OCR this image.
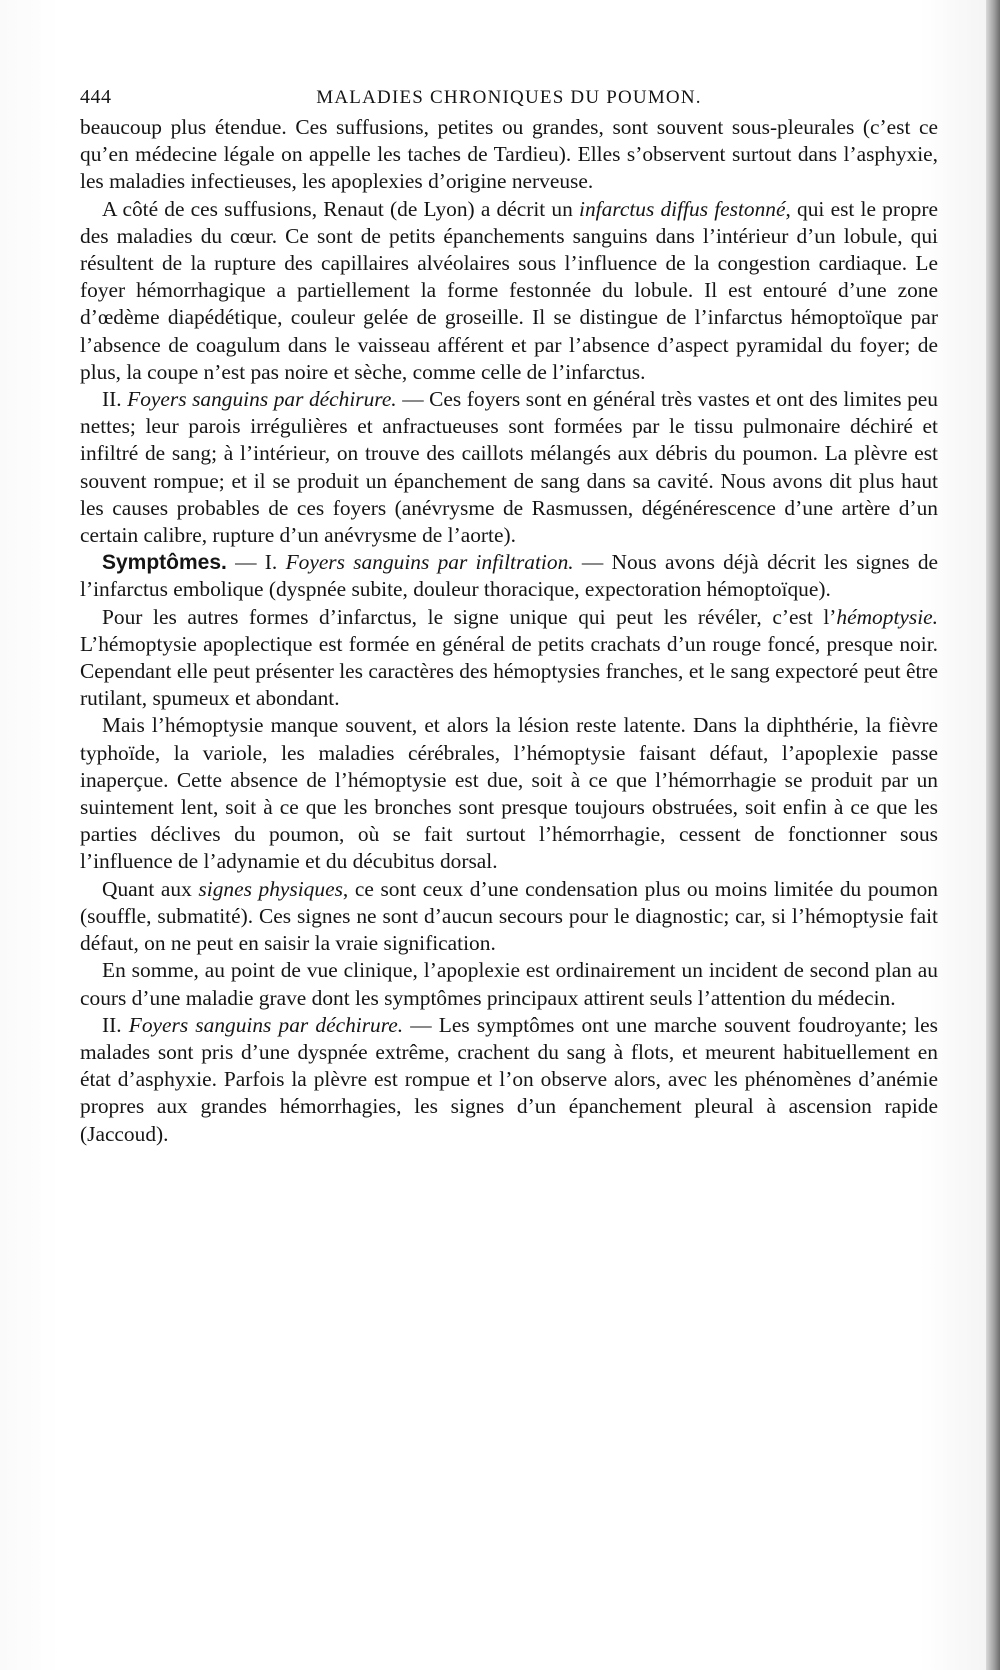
444	MALADIES CHRONIQUES DU POUMON.

beaucoup plus étendue. Ces suffusions, petites ou grandes, sont souvent sous-pleurales (c’est ce qu’en médecine légale on appelle les taches de Tardieu). Elles s’observent surtout dans l’asphyxie, les maladies infectieuses, les apoplexies d’origine nerveuse.

A côté de ces suffusions, Renaut (de Lyon) a décrit un infarctus diffus festonné, qui est le propre des maladies du cœur. Ce sont de petits épanchements sanguins dans l’intérieur d’un lobule, qui résultent de la rupture des capillaires alvéolaires sous l’influence de la congestion cardiaque. Le foyer hémorrhagique a partiellement la forme festonnée du lobule. Il est entouré d’une zone d’œdème diapédétique, couleur gelée de groseille. Il se distingue de l’infarctus hémoptoïque par l’absence de coagulum dans le vaisseau afférent et par l’absence d’aspect pyramidal du foyer; de plus, la coupe n’est pas noire et sèche, comme celle de l’infarctus.

II. Foyers sanguins par déchirure. — Ces foyers sont en général très vastes et ont des limites peu nettes; leur parois irrégulières et anfractueuses sont formées par le tissu pulmonaire déchiré et infiltré de sang; à l’intérieur, on trouve des caillots mélangés aux débris du poumon. La plèvre est souvent rompue; et il se produit un épanchement de sang dans sa cavité. Nous avons dit plus haut les causes probables de ces foyers (anévrysme de Rasmussen, dégénérescence d’une artère d’un certain calibre, rupture d’un anévrysme de l’aorte).

Symptômes. — I. Foyers sanguins par infiltration. — Nous avons déjà décrit les signes de l’infarctus embolique (dyspnée subite, douleur thoracique, expectoration hémoptoïque).

Pour les autres formes d’infarctus, le signe unique qui peut les révéler, c’est l’hémoptysie. L’hémoptysie apoplectique est formée en général de petits crachats d’un rouge foncé, presque noir. Cependant elle peut présenter les caractères des hémoptysies franches, et le sang expectoré peut être rutilant, spumeux et abondant.

Mais l’hémoptysie manque souvent, et alors la lésion reste latente. Dans la diphthérie, la fièvre typhoïde, la variole, les maladies cérébrales, l’hémoptysie faisant défaut, l’apoplexie passe inaperçue. Cette absence de l’hémoptysie est due, soit à ce que l’hémorrhagie se produit par un suintement lent, soit à ce que les bronches sont presque toujours obstruées, soit enfin à ce que les parties déclives du poumon, où se fait surtout l’hémorrhagie, cessent de fonctionner sous l’influence de l’adynamie et du décubitus dorsal.

Quant aux signes physiques, ce sont ceux d’une condensation plus ou moins limitée du poumon (souffle, submatité). Ces signes ne sont d’aucun secours pour le diagnostic; car, si l’hémoptysie fait défaut, on ne peut en saisir la vraie signification.

En somme, au point de vue clinique, l’apoplexie est ordinairement un incident de second plan au cours d’une maladie grave dont les symptômes principaux attirent seuls l’attention du médecin.

II. Foyers sanguins par déchirure. — Les symptômes ont une marche souvent foudroyante; les malades sont pris d’une dyspnée extrême, crachent du sang à flots, et meurent habituellement en état d’asphyxie. Parfois la plèvre est rompue et l’on observe alors, avec les phénomènes d’anémie propres aux grandes hémorrhagies, les signes d’un épanchement pleural à ascension rapide (Jaccoud).
